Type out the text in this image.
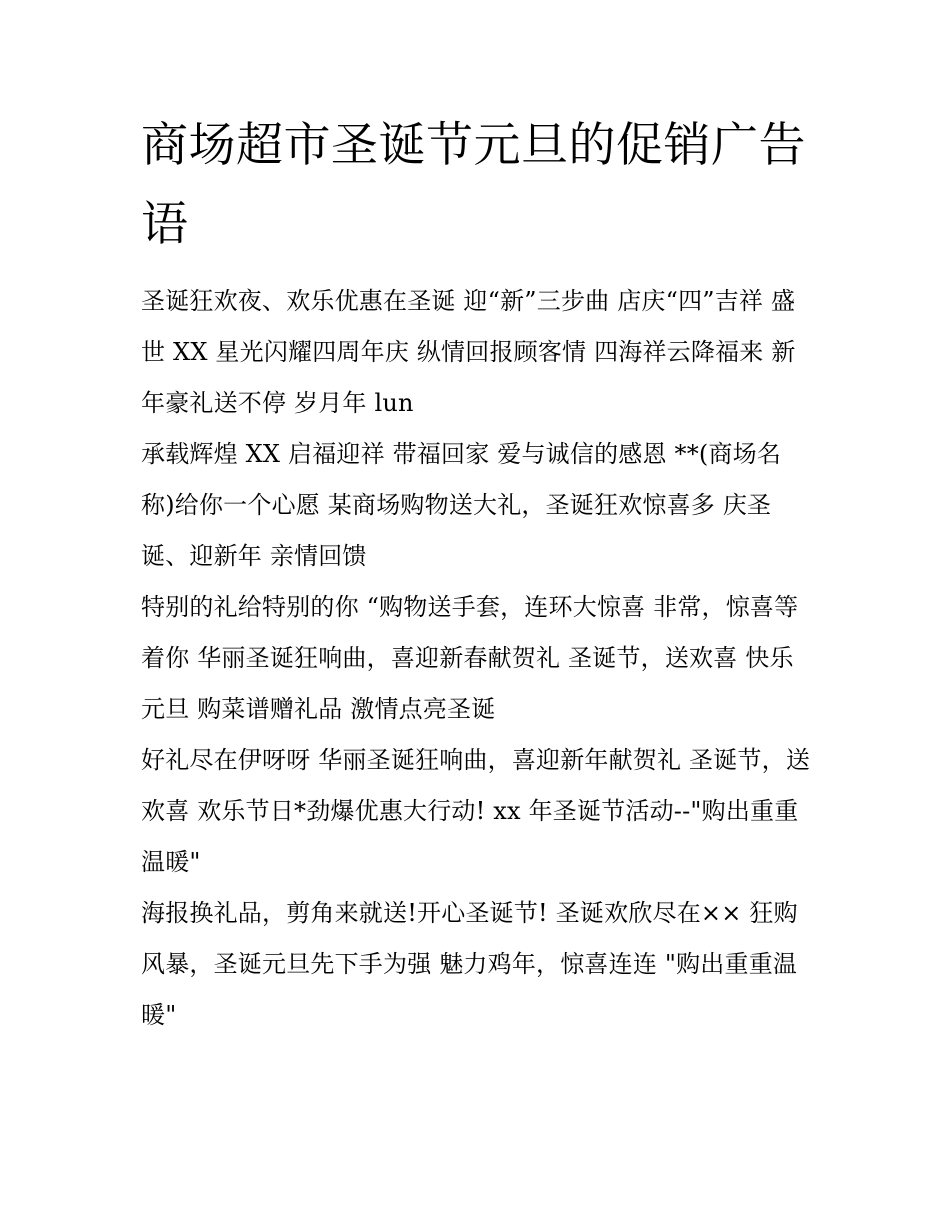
商场超市圣诞节元旦的促销广告语

圣诞狂欢夜、欢乐优惠在圣诞 迎“新”三步曲 店庆“四”吉祥 盛世 XX 星光闪耀四周年庆 纵情回报顾客情 四海祥云降福来 新年豪礼送不停 岁月年 lun

承载辉煌 XX 启福迎祥 带福回家 爱与诚信的感恩 **(商场名称)给你一个心愿 某商场购物送大礼，圣诞狂欢惊喜多 庆圣诞、迎新年 亲情回馈

特别的礼给特别的你 “购物送手套，连环大惊喜 非常，惊喜等着你 华丽圣诞狂响曲，喜迎新春献贺礼 圣诞节，送欢喜 快乐元旦 购菜谱赠礼品 激情点亮圣诞

好礼尽在伊呀呀 华丽圣诞狂响曲，喜迎新年献贺礼 圣诞节，送欢喜 欢乐节日*劲爆优惠大行动! xx 年圣诞节活动--"购出重重温暖"

海报换礼品，剪角来就送!开心圣诞节! 圣诞欢欣尽在×× 狂购风暴，圣诞元旦先下手为强 魅力鸡年，惊喜连连 "购出重重温暖"
